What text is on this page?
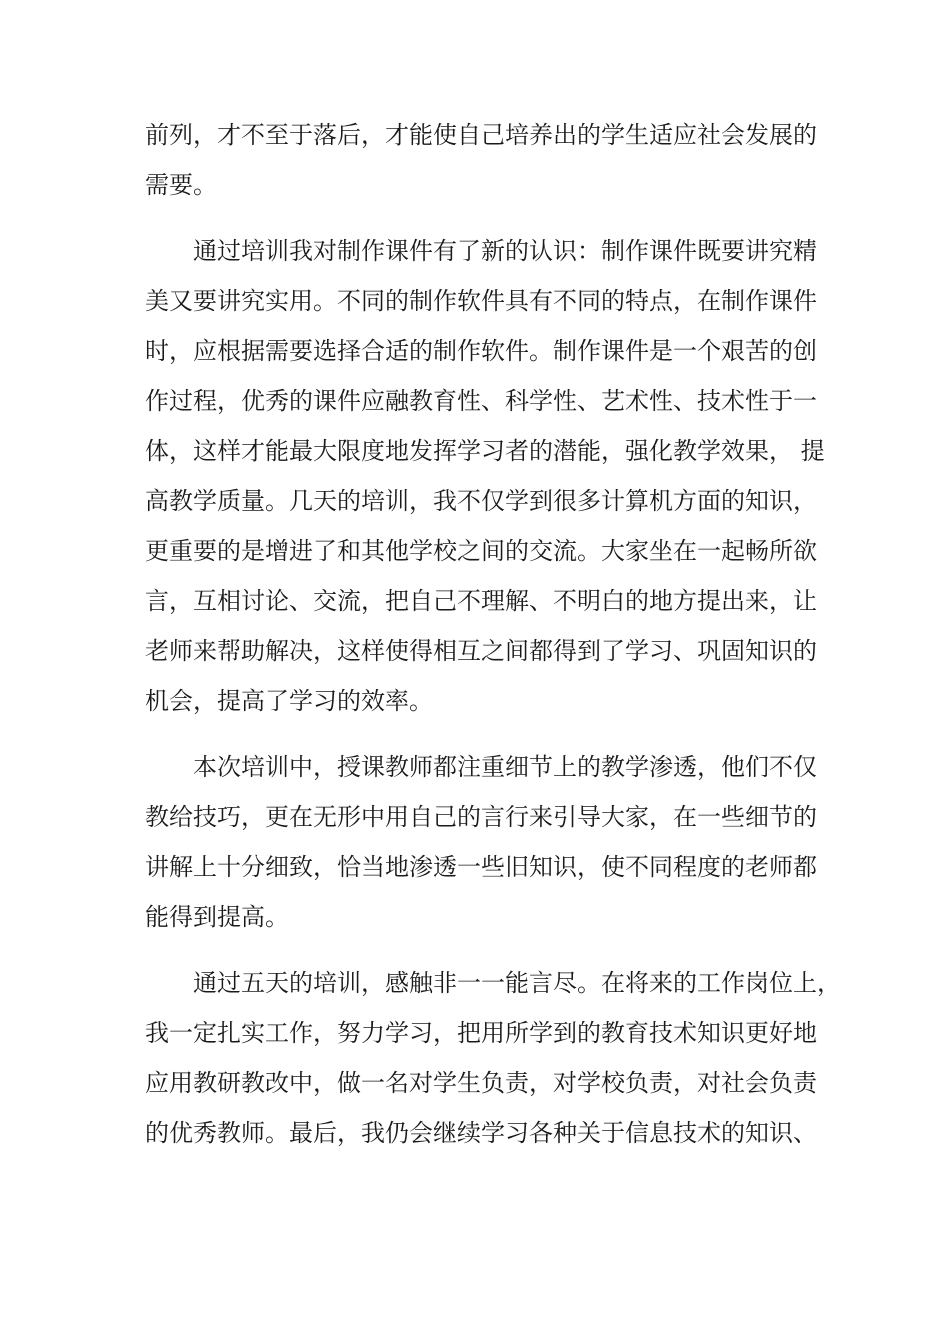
前列，才不至于落后，才能使自己培养出的学生适应社会发展的
需要。
通过培训我对制作课件有了新的认识：制作课件既要讲究精
美又要讲究实用。不同的制作软件具有不同的特点，在制作课件
时，应根据需要选择合适的制作软件。制作课件是一个艰苦的创
作过程，优秀的课件应融教育性、科学性、艺术性、技术性于一
体，这样才能最大限度地发挥学习者的潜能，强化教学效果， 提
高教学质量。几天的培训，我不仅学到很多计算机方面的知识，
更重要的是增进了和其他学校之间的交流。大家坐在一起畅所欲
言，互相讨论、交流，把自己不理解、不明白的地方提出来，让
老师来帮助解决，这样使得相互之间都得到了学习、巩固知识的
机会，提高了学习的效率。
本次培训中，授课教师都注重细节上的教学渗透，他们不仅
教给技巧，更在无形中用自己的言行来引导大家，在一些细节的
讲解上十分细致，恰当地渗透一些旧知识，使不同程度的老师都
能得到提高。
通过五天的培训，感触非一一能言尽。在将来的工作岗位上，
我一定扎实工作，努力学习，把用所学到的教育技术知识更好地
应用教研教改中，做一名对学生负责，对学校负责，对社会负责
的优秀教师。最后，我仍会继续学习各种关于信息技术的知识、
